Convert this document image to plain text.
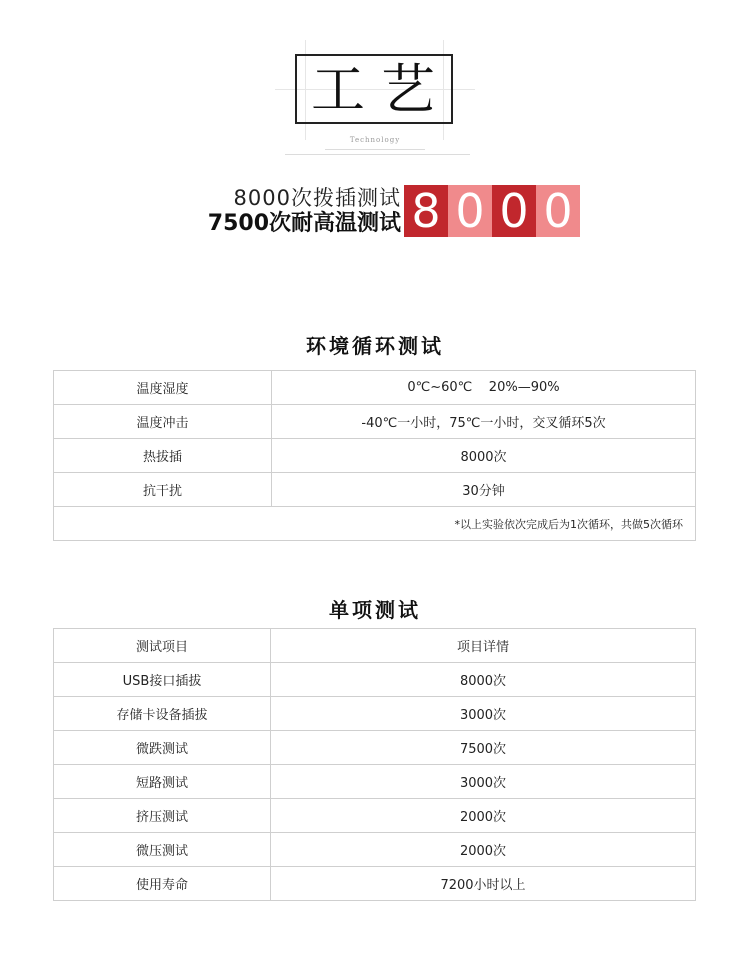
工艺
Technology
8000次拨插测试
7500次耐高温测试 8 0 0 0
环境循环测试
温度湿度	0℃~60℃    20%—90%
温度冲击	-40℃一小时，75℃一小时，交叉循环5次
热拔插	8000次
抗干扰	30分钟
*以上实验依次完成后为1次循环，共做5次循环	
单项测试
测试项目	项目详情
USB接口插拔	8000次
存储卡设备插拔	3000次
微跌测试	7500次
短路测试	3000次
挤压测试	2000次
微压测试	2000次
使用寿命	7200小时以上
